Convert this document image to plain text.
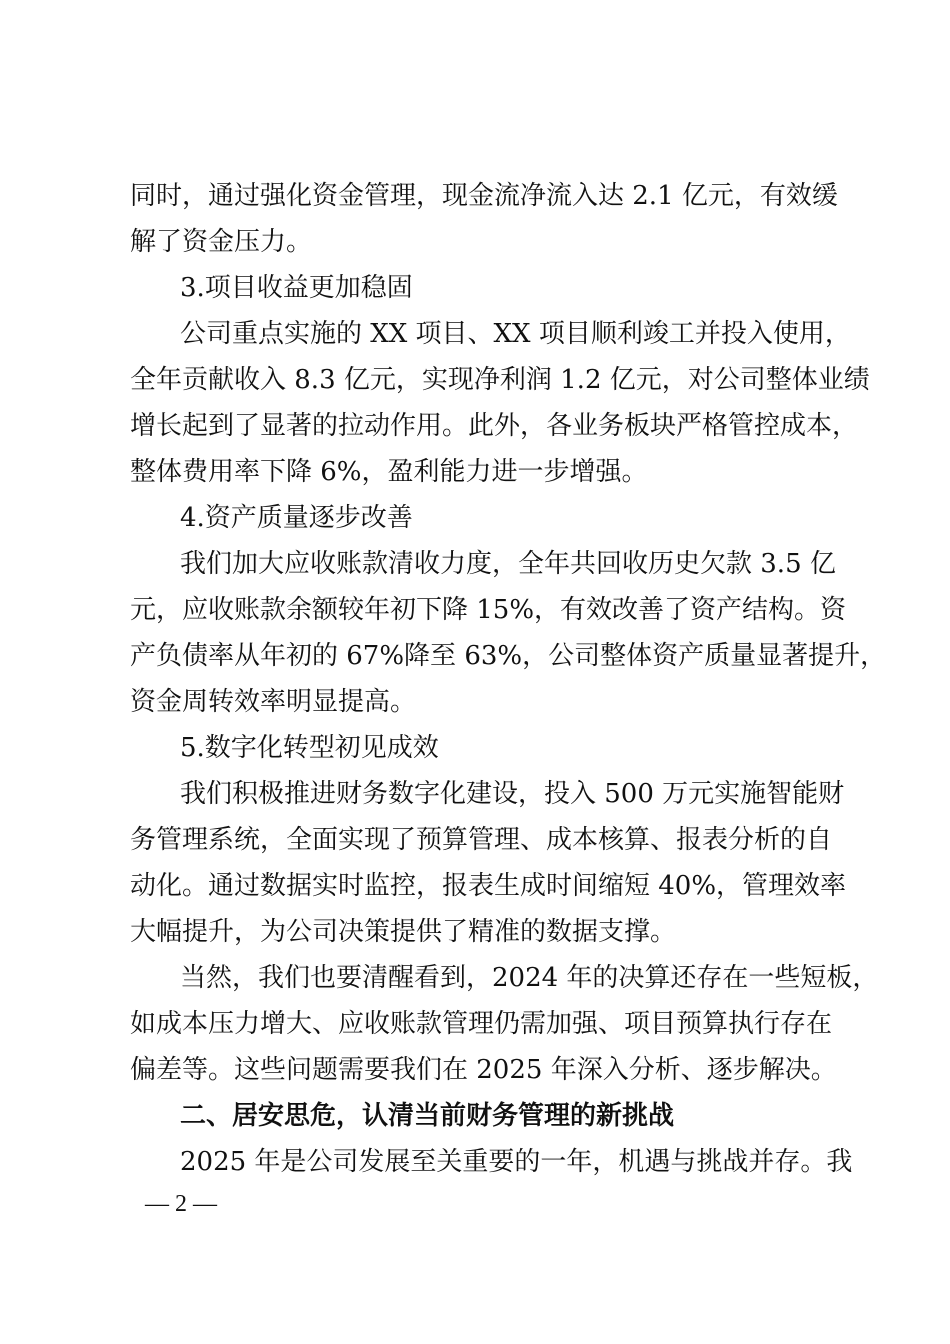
同时，通过强化资金管理，现金流净流入达 2.1 亿元，有效缓

解了资金压力。

3.项目收益更加稳固

公司重点实施的 XX 项目、XX 项目顺利竣工并投入使用，

全年贡献收入 8.3 亿元，实现净利润 1.2 亿元，对公司整体业绩

增长起到了显著的拉动作用。此外，各业务板块严格管控成本，

整体费用率下降 6%，盈利能力进一步增强。

4.资产质量逐步改善

我们加大应收账款清收力度，全年共回收历史欠款 3.5 亿

元，应收账款余额较年初下降 15%，有效改善了资产结构。资

产负债率从年初的 67%降至 63%，公司整体资产质量显著提升，

资金周转效率明显提高。

5.数字化转型初见成效

我们积极推进财务数字化建设，投入 500 万元实施智能财

务管理系统，全面实现了预算管理、成本核算、报表分析的自

动化。通过数据实时监控，报表生成时间缩短 40%，管理效率

大幅提升，为公司决策提供了精准的数据支撑。

当然，我们也要清醒看到，2024 年的决算还存在一些短板，

如成本压力增大、应收账款管理仍需加强、项目预算执行存在

偏差等。这些问题需要我们在 2025 年深入分析、逐步解决。

二、居安思危，认清当前财务管理的新挑战

2025 年是公司发展至关重要的一年，机遇与挑战并存。我

— 2 —
